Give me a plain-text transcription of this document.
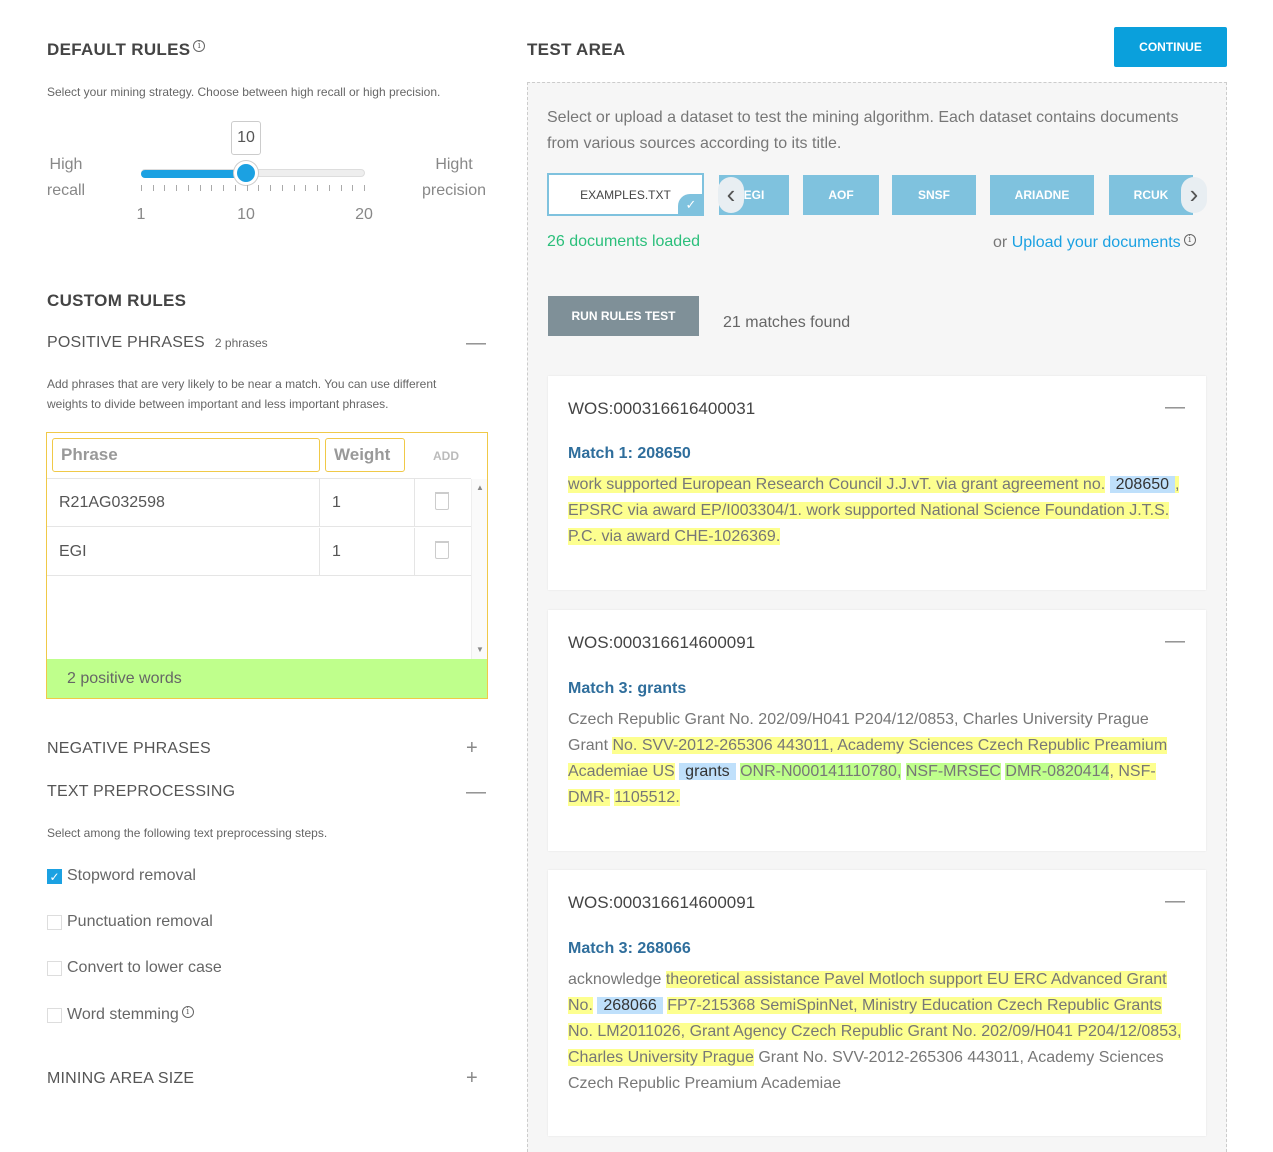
DEFAULT RULES i
Select your mining strategy. Choose between high recall or high precision.
High
recall
Hight
precision
10
1	10	20
CUSTOM RULES
POSITIVE PHRASES 2 phrases	—
Add phrases that are very likely to be near a match. You can use different
weights to divide between important and less important phrases.
Phrase	Weight	ADD
R21AG032598	1
EGI	1
▲
▼
2 positive words
NEGATIVE PHRASES	+
TEXT PREPROCESSING	—
Select among the following text preprocessing steps.
✓ Stopword removal
Punctuation removal
Convert to lower case
Word stemming i
MINING AREA SIZE	+
TEST AREA	CONTINUE
Select or upload a dataset to test the mining algorithm. Each dataset contains documents
from various sources according to its title.
EXAMPLES.TXT
✓
EGI	AOF	SNSF	ARIADNE	RCUK
‹	›
26 documents loaded	or Upload your documents i
RUN RULES TEST	21 matches found
WOS:000316616400031	—
Match 1: 208650
work supported European Research Council J.J.vT. via grant agreement no. 208650 , EPSRC via award EP/I003304/1. work supported National Science Foundation J.T.S. P.C. via award CHE-1026369.
WOS:000316614600091	—
Match 3: grants
Czech Republic Grant No. 202/09/H041 P204/12/0853, Charles University Prague Grant No. SVV-2012-265306 443011, Academy Sciences Czech Republic Preamium Academiae US grants ONR-N000141110780, NSF-MRSEC DMR-0820414, NSF-DMR- 1105512.
WOS:000316614600091	—
Match 3: 268066
acknowledge theoretical assistance Pavel Motloch support EU ERC Advanced Grant No. 268066 FP7-215368 SemiSpinNet, Ministry Education Czech Republic Grants No. LM2011026, Grant Agency Czech Republic Grant No. 202/09/H041 P204/12/0853, Charles University Prague Grant No. SVV-2012-265306 443011, Academy Sciences Czech Republic Preamium Academiae
